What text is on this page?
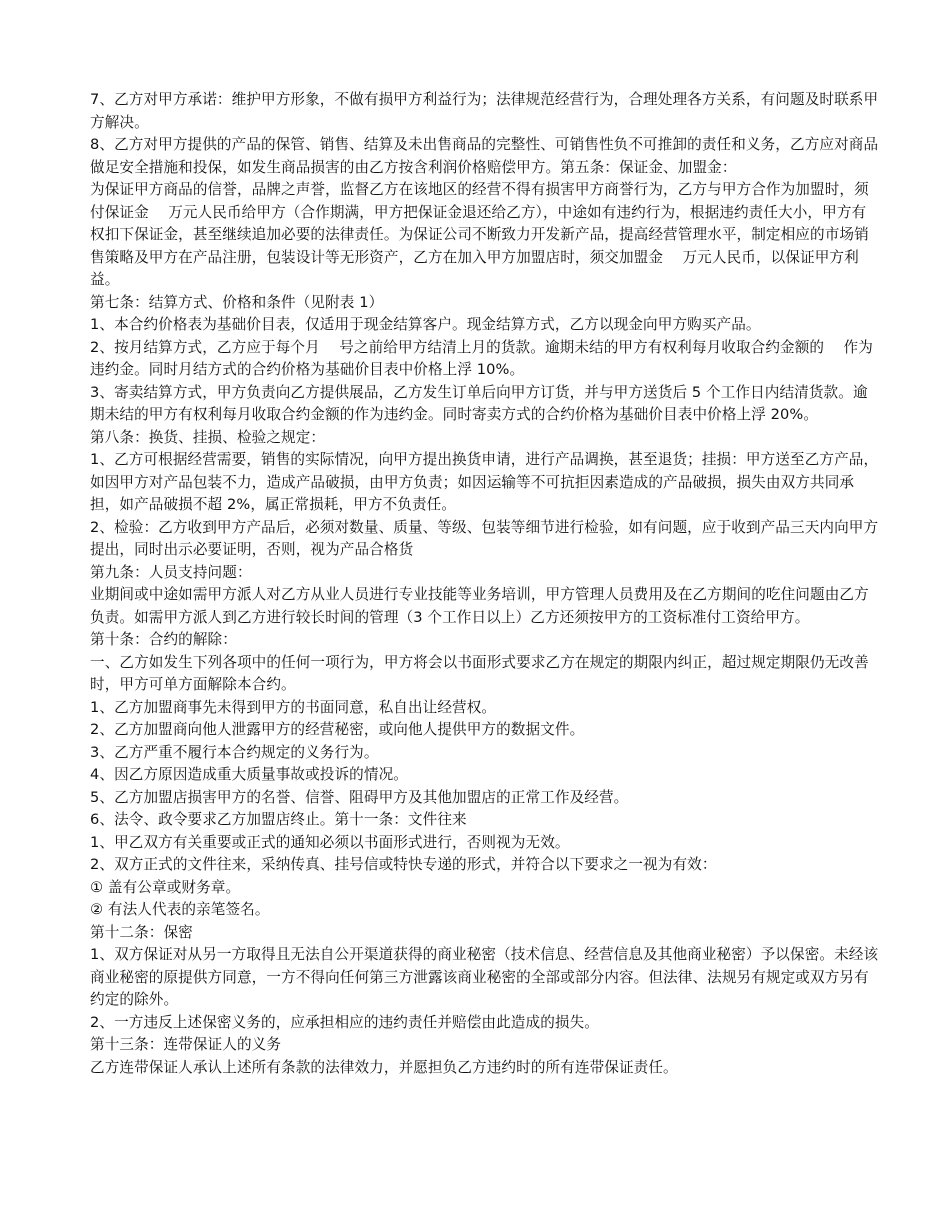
7、乙方对甲方承诺：维护甲方形象，不做有损甲方利益行为；法律规范经营行为，合理处理各方关系，有问题及时联系甲方解决。

8、乙方对甲方提供的产品的保管、销售、结算及未出售商品的完整性、可销售性负不可推卸的责任和义务，乙方应对商品做足安全措施和投保，如发生商品损害的由乙方按含利润价格赔偿甲方。第五条：保证金、加盟金：

为保证甲方商品的信誉，品牌之声誉，监督乙方在该地区的经营不得有损害甲方商誉行为，乙方与甲方合作为加盟时，须付保证金　 万元人民币给甲方（合作期满，甲方把保证金退还给乙方），中途如有违约行为，根据违约责任大小，甲方有权扣下保证金，甚至继续追加必要的法律责任。为保证公司不断致力开发新产品，提高经营管理水平，制定相应的市场销售策略及甲方在产品注册，包装设计等无形资产，乙方在加入甲方加盟店时，须交加盟金　 万元人民币，以保证甲方利益。

第七条：结算方式、价格和条件（见附表 1）

1、本合约价格表为基础价目表，仅适用于现金结算客户。现金结算方式，乙方以现金向甲方购买产品。

2、按月结算方式，乙方应于每个月　 号之前给甲方结清上月的货款。逾期未结的甲方有权利每月收取合约金额的　 作为违约金。同时月结方式的合约价格为基础价目表中价格上浮 10%。

3、寄卖结算方式，甲方负责向乙方提供展品，乙方发生订单后向甲方订货，并与甲方送货后 5 个工作日内结清货款。逾期未结的甲方有权利每月收取合约金额的作为违约金。同时寄卖方式的合约价格为基础价目表中价格上浮 20%。

第八条：换货、挂损、检验之规定：

1、乙方可根据经营需要，销售的实际情况，向甲方提出换货申请，进行产品调换，甚至退货；挂损：甲方送至乙方产品，如因甲方对产品包装不力，造成产品破损，由甲方负责；如因运输等不可抗拒因素造成的产品破损，损失由双方共同承担，如产品破损不超 2%，属正常损耗，甲方不负责任。

2、检验：乙方收到甲方产品后，必须对数量、质量、等级、包装等细节进行检验，如有问题，应于收到产品三天内向甲方提出，同时出示必要证明，否则，视为产品合格货

第九条：人员支持问题：

业期间或中途如需甲方派人对乙方从业人员进行专业技能等业务培训，甲方管理人员费用及在乙方期间的吃住问题由乙方负责。如需甲方派人到乙方进行较长时间的管理（3 个工作日以上）乙方还须按甲方的工资标准付工资给甲方。

第十条：合约的解除：

一、乙方如发生下列各项中的任何一项行为，甲方将会以书面形式要求乙方在规定的期限内纠正，超过规定期限仍无改善时，甲方可单方面解除本合约。

1、乙方加盟商事先未得到甲方的书面同意，私自出让经营权。

2、乙方加盟商向他人泄露甲方的经营秘密，或向他人提供甲方的数据文件。

3、乙方严重不履行本合约规定的义务行为。

4、因乙方原因造成重大质量事故或投诉的情况。

5、乙方加盟店损害甲方的名誉、信誉、阻碍甲方及其他加盟店的正常工作及经营。

6、法令、政令要求乙方加盟店终止。第十一条：文件往来

1、甲乙双方有关重要或正式的通知必须以书面形式进行，否则视为无效。

2、双方正式的文件往来，采纳传真、挂号信或特快专递的形式，并符合以下要求之一视为有效：

① 盖有公章或财务章。

② 有法人代表的亲笔签名。

第十二条：保密

1、双方保证对从另一方取得且无法自公开渠道获得的商业秘密（技术信息、经营信息及其他商业秘密）予以保密。未经该商业秘密的原提供方同意，一方不得向任何第三方泄露该商业秘密的全部或部分内容。但法律、法规另有规定或双方另有约定的除外。

2、一方违反上述保密义务的，应承担相应的违约责任并赔偿由此造成的损失。

第十三条：连带保证人的义务

乙方连带保证人承认上述所有条款的法律效力，并愿担负乙方违约时的所有连带保证责任。
